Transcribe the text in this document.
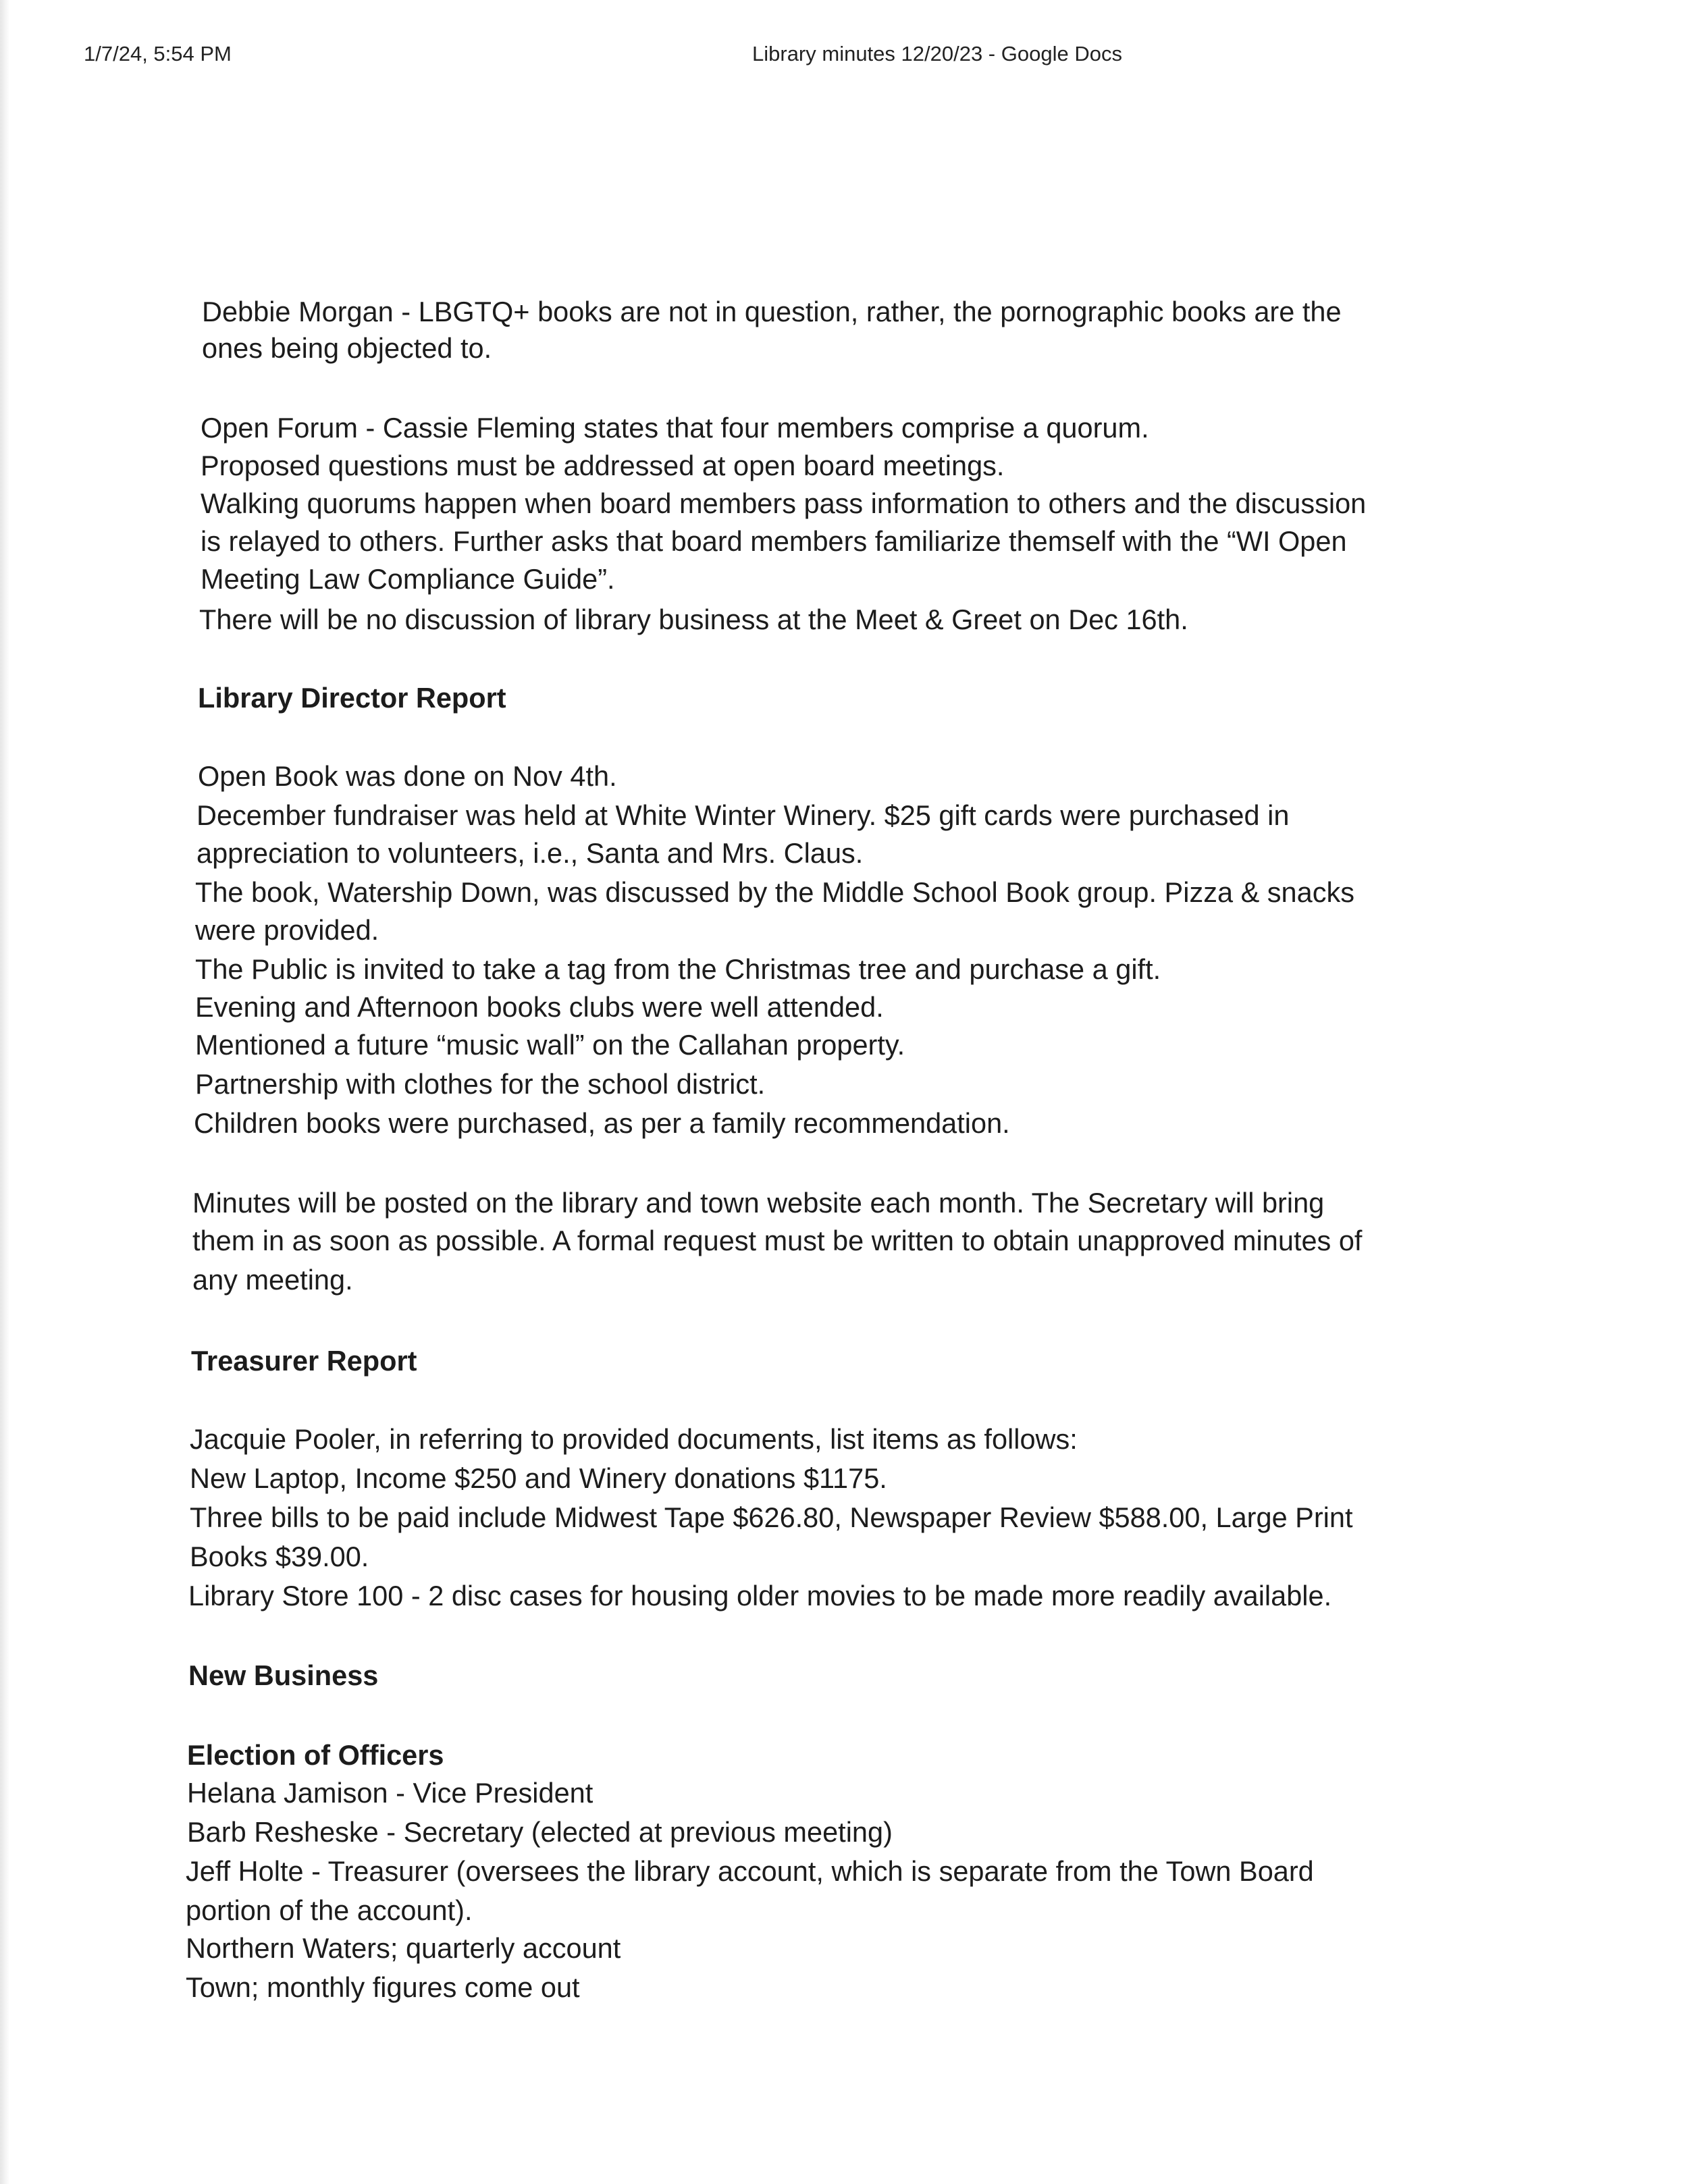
1/7/24, 5:54 PM	Library minutes 12/20/23 - Google Docs
Debbie Morgan - LBGTQ+ books are not in question, rather, the pornographic books are the
ones being objected to.
Open Forum - Cassie Fleming states that four members comprise a quorum.
Proposed questions must be addressed at open board meetings.
Walking quorums happen when board members pass information to others and the discussion
is relayed to others. Further asks that board members familiarize themself with the “WI Open
Meeting Law Compliance Guide”.
There will be no discussion of library business at the Meet & Greet on Dec 16th.
Library Director Report
Open Book was done on Nov 4th.
December fundraiser was held at White Winter Winery. $25 gift cards were purchased in
appreciation to volunteers, i.e., Santa and Mrs. Claus.
The book, Watership Down, was discussed by the Middle School Book group. Pizza & snacks
were provided.
The Public is invited to take a tag from the Christmas tree and purchase a gift.
Evening and Afternoon books clubs were well attended.
Mentioned a future “music wall” on the Callahan property.
Partnership with clothes for the school district.
Children books were purchased, as per a family recommendation.
Minutes will be posted on the library and town website each month. The Secretary will bring
them in as soon as possible. A formal request must be written to obtain unapproved minutes of
any meeting.
Treasurer Report
Jacquie Pooler, in referring to provided documents, list items as follows:
New Laptop, Income $250 and Winery donations $1175.
Three bills to be paid include Midwest Tape $626.80, Newspaper Review $588.00, Large Print
Books $39.00.
Library Store 100 - 2 disc cases for housing older movies to be made more readily available.
New Business
Election of Officers
Helana Jamison - Vice President
Barb Resheske - Secretary (elected at previous meeting)
Jeff Holte - Treasurer (oversees the library account, which is separate from the Town Board
portion of the account).
Northern Waters; quarterly account
Town; monthly figures come out
